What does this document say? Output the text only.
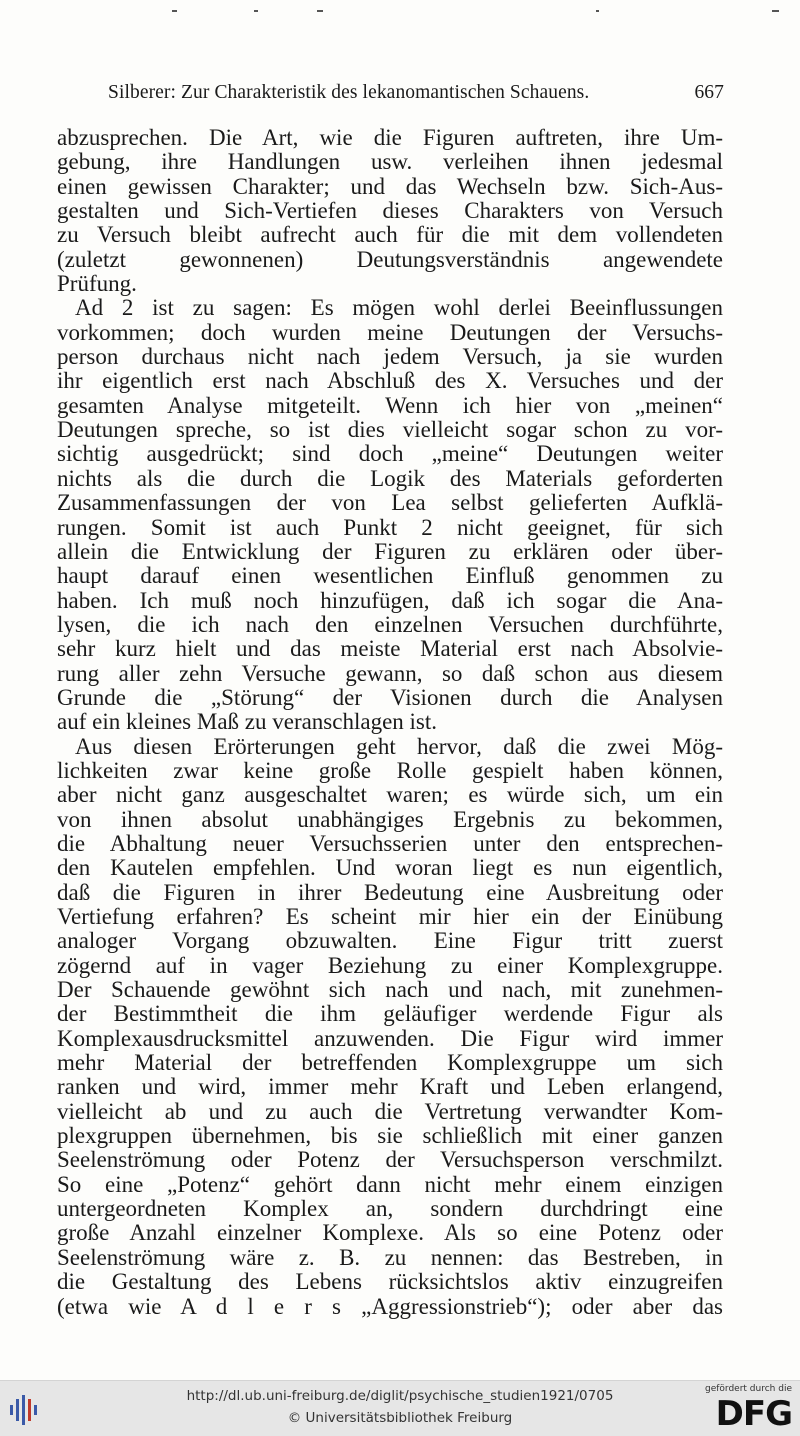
Silberer: Zur Charakteristik des lekanomantischen Schauens.	667
abzusprechen. Die Art, wie die Figuren auftreten, ihre Um-
gebung, ihre Handlungen usw. verleihen ihnen jedesmal
einen gewissen Charakter; und das Wechseln bzw. Sich-Aus-
gestalten und Sich-Vertiefen dieses Charakters von Versuch
zu Versuch bleibt aufrecht auch für die mit dem vollendeten
(zuletzt gewonnenen) Deutungsverständnis angewendete
Prüfung.
Ad 2 ist zu sagen: Es mögen wohl derlei Beeinflussungen
vorkommen; doch wurden meine Deutungen der Versuchs-
person durchaus nicht nach jedem Versuch, ja sie wurden
ihr eigentlich erst nach Abschluß des X. Versuches und der
gesamten Analyse mitgeteilt. Wenn ich hier von „meinen“
Deutungen spreche, so ist dies vielleicht sogar schon zu vor-
sichtig ausgedrückt; sind doch „meine“ Deutungen weiter
nichts als die durch die Logik des Materials geforderten
Zusammenfassungen der von Lea selbst gelieferten Aufklä-
rungen. Somit ist auch Punkt 2 nicht geeignet, für sich
allein die Entwicklung der Figuren zu erklären oder über-
haupt darauf einen wesentlichen Einfluß genommen zu
haben. Ich muß noch hinzufügen, daß ich sogar die Ana-
lysen, die ich nach den einzelnen Versuchen durchführte,
sehr kurz hielt und das meiste Material erst nach Absolvie-
rung aller zehn Versuche gewann, so daß schon aus diesem
Grunde die „Störung“ der Visionen durch die Analysen
auf ein kleines Maß zu veranschlagen ist.
Aus diesen Erörterungen geht hervor, daß die zwei Mög-
lichkeiten zwar keine große Rolle gespielt haben können,
aber nicht ganz ausgeschaltet waren; es würde sich, um ein
von ihnen absolut unabhängiges Ergebnis zu bekommen,
die Abhaltung neuer Versuchsserien unter den entsprechen-
den Kautelen empfehlen. Und woran liegt es nun eigentlich,
daß die Figuren in ihrer Bedeutung eine Ausbreitung oder
Vertiefung erfahren? Es scheint mir hier ein der Einübung
analoger Vorgang obzuwalten. Eine Figur tritt zuerst
zögernd auf in vager Beziehung zu einer Komplexgruppe.
Der Schauende gewöhnt sich nach und nach, mit zunehmen-
der Bestimmtheit die ihm geläufiger werdende Figur als
Komplexausdrucksmittel anzuwenden. Die Figur wird immer
mehr Material der betreffenden Komplexgruppe um sich
ranken und wird, immer mehr Kraft und Leben erlangend,
vielleicht ab und zu auch die Vertretung verwandter Kom-
plexgruppen übernehmen, bis sie schließlich mit einer ganzen
Seelenströmung oder Potenz der Versuchsperson verschmilzt.
So eine „Potenz“ gehört dann nicht mehr einem einzigen
untergeordneten Komplex an, sondern durchdringt eine
große Anzahl einzelner Komplexe. Als so eine Potenz oder
Seelenströmung wäre z. B. zu nennen: das Bestreben, in
die Gestaltung des Lebens rücksichtslos aktiv einzugreifen
(etwa wie A d l e r s „Aggressionstrieb“); oder aber das
http://dl.ub.uni-freiburg.de/diglit/psychische_studien1921/0705
© Universitätsbibliothek Freiburg
gefördert durch die
DFG
